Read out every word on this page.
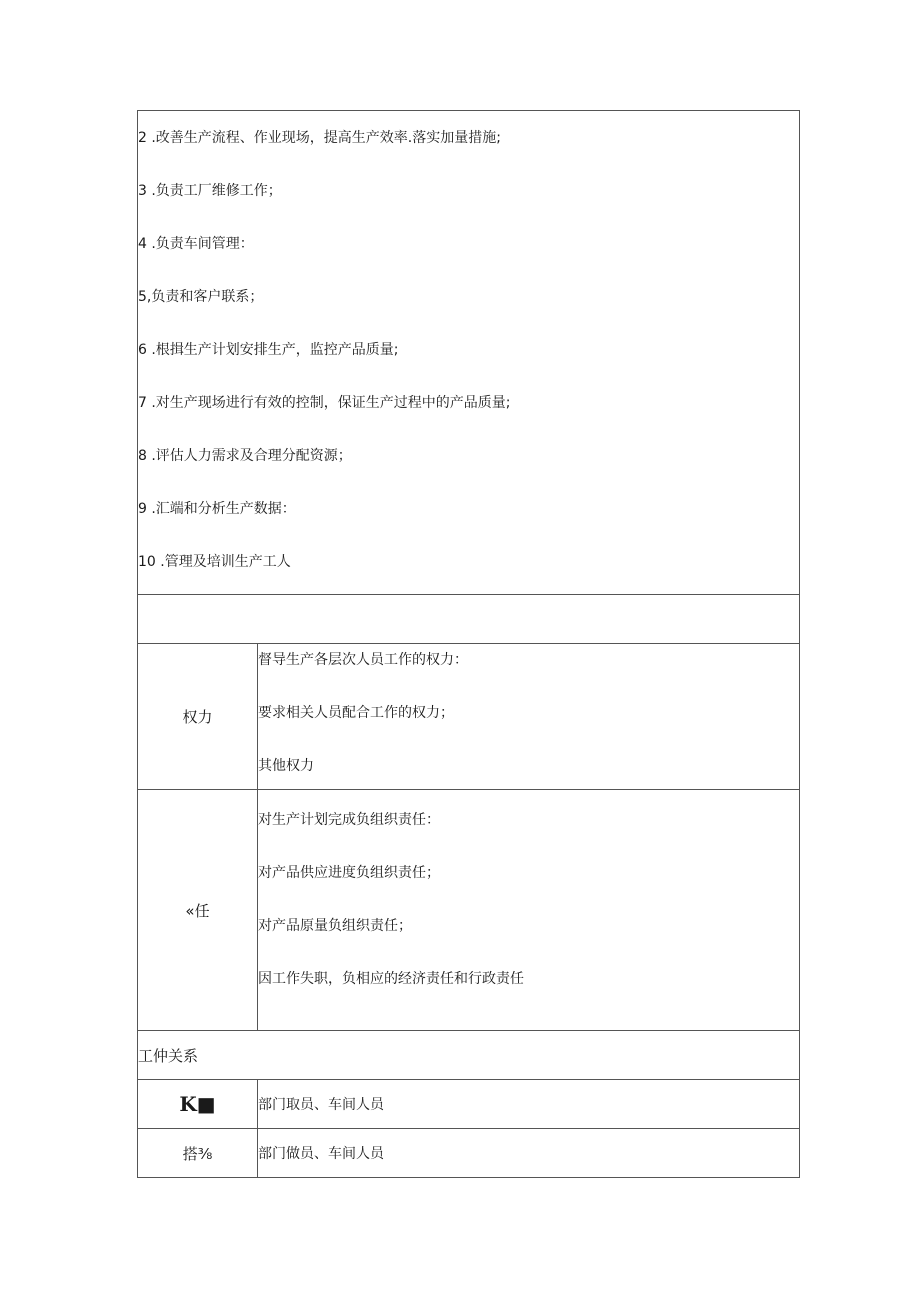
2 .改善生产流程、作业现场，提高生产效率.落实加量措施;
3 .负责工厂维修工作；
4 .负责车间管理：
5,负责和客户联系；
6 .根揖生产计划安排生产，监控产品质量;
7 .对生产现场进行有效的控制，保证生产过程中的产品质量;
8 .评估人力需求及合理分配资源；
9 .汇端和分析生产数据：
10 .管理及培训生产工人
权力
督导生产各层次人员工作的权力：
要求相关人员配合工作的权力；
其他权力
«任
对生产计划完成负组织责任：
对产品供应进度负组织责任；
对产品原量负组织责任；
因工作失职，负相应的经济责任和行政责任
工仲关系
K■	部门取员、车间人员
搭⅜	部门做员、车间人员
